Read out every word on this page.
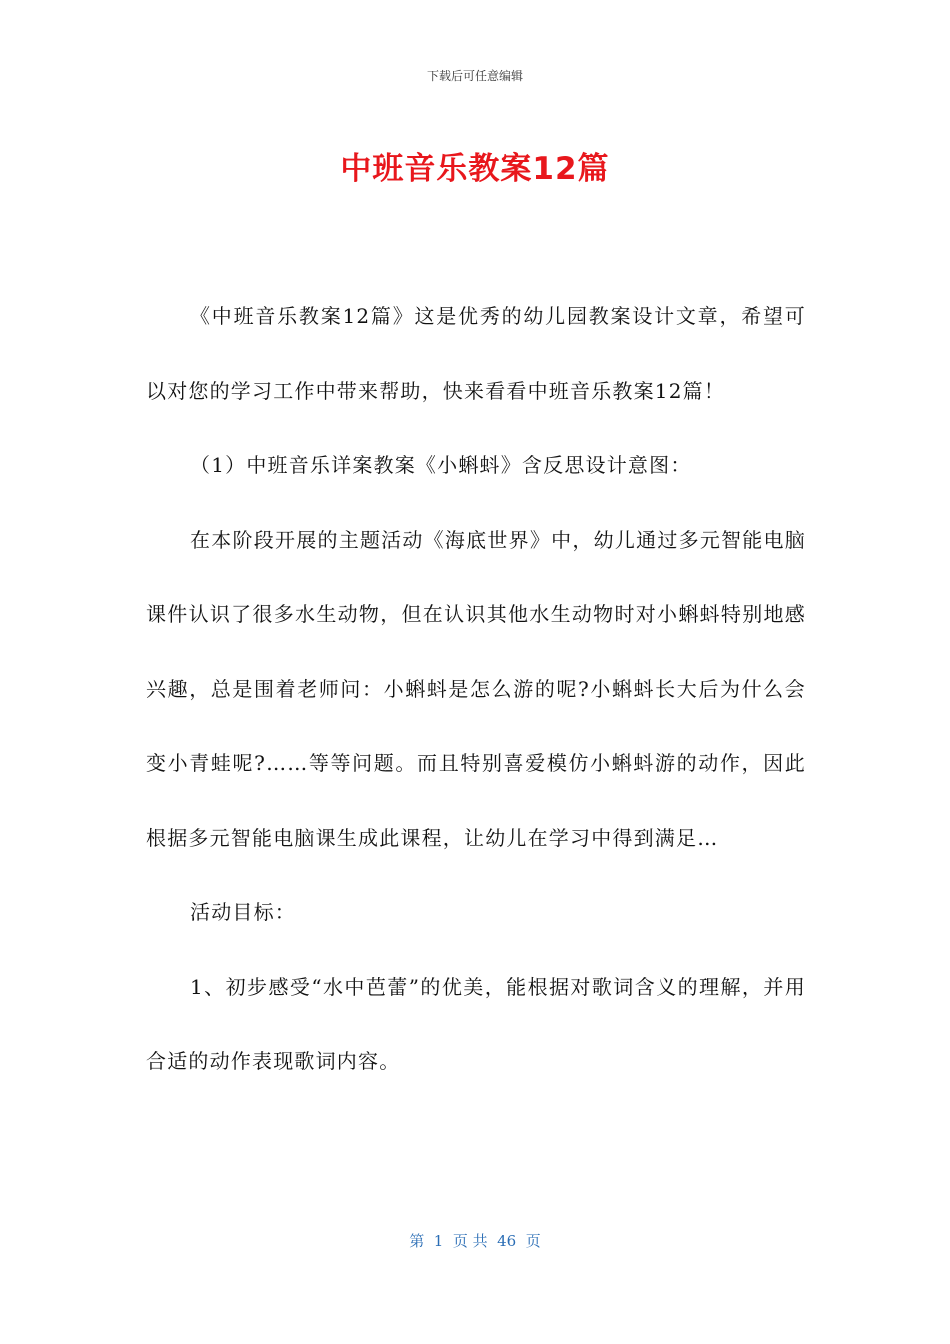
下载后可任意编辑
中班音乐教案12篇

《中班音乐教案12篇》这是优秀的幼儿园教案设计文章，希望可以对您的学习工作中带来帮助，快来看看中班音乐教案12篇！

（1）中班音乐详案教案《小蝌蚪》含反思设计意图：

在本阶段开展的主题活动《海底世界》中，幼儿通过多元智能电脑课件认识了很多水生动物，但在认识其他水生动物时对小蝌蚪特别地感兴趣，总是围着老师问：小蝌蚪是怎么游的呢?小蝌蚪长大后为什么会变小青蛙呢?……等等问题。而且特别喜爱模仿小蝌蚪游的动作，因此根据多元智能电脑课生成此课程，让幼儿在学习中得到满足…

活动目标：

1、初步感受“水中芭蕾”的优美，能根据对歌词含义的理解，并用合适的动作表现歌词内容。

第  1  页 共  46  页
